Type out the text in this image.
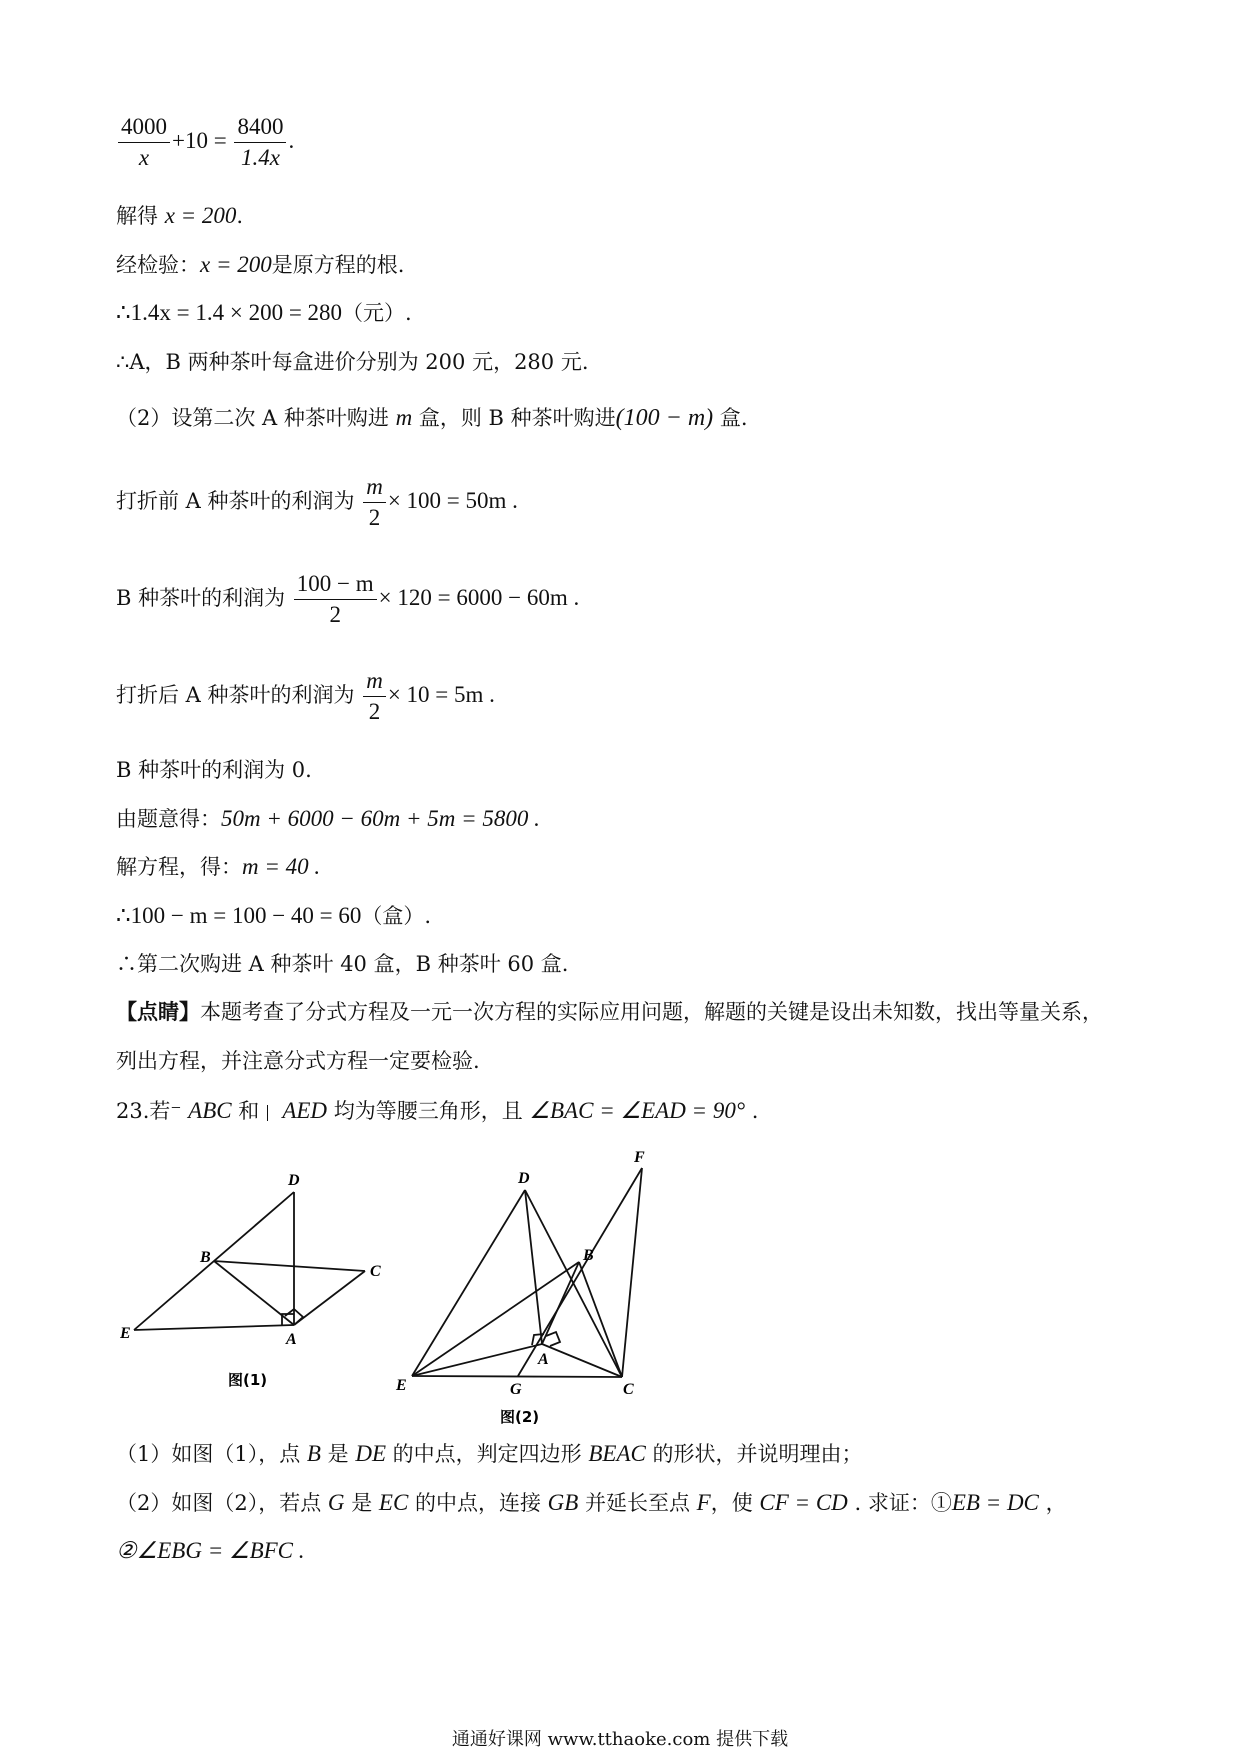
$\frac{4000}{x} +10 = \frac{8400}{1.4x}$ .
解得 x = 200.
经检验：x = 200是原方程的根.
∴1.4x = 1.4 × 200 = 280（元）.
∴A，B 两种茶叶每盒进价分别为 200 元，280 元.
（2）设第二次 A 种茶叶购进 m 盒，则 B 种茶叶购进(100 − m) 盒.
打折前 A 种茶叶的利润为 $\frac{m}{2} \times 100 = 50m$ .
B 种茶叶的利润为 $\frac{100 - m}{2} \times 120 = 6000 - 60m$ .
打折后 A 种茶叶的利润为 $\frac{m}{2} \times 10 = 5m$ .
B 种茶叶的利润为 0.
由题意得：50m + 6000 − 60m + 5m = 5800 .
解方程，得：m = 40 .
∴100 − m = 100 − 40 = 60（盒）.
∴第二次购进 A 种茶叶 40 盒，B 种茶叶 60 盒.
【点睛】本题考查了分式方程及一元一次方程的实际应用问题，解题的关键是设出未知数，找出等量关系，
列出方程，并注意分式方程一定要检验.
23.若⁻ ABC 和 AED 均为等腰三角形，且 ∠BAC = ∠EAD = 90° .
D
B
C
E	A
图(1)
D
F
B
A
E	G	C
图(2)
（1）如图（1），点 B 是 DE 的中点，判定四边形 BEAC 的形状，并说明理由；
（2）如图（2），若点 G 是 EC 的中点，连接 GB 并延长至点 F，使 CF = CD . 求证：①EB = DC ，
②∠EBG = ∠BFC .
通通好课网 www.tthaoke.com 提供下载
